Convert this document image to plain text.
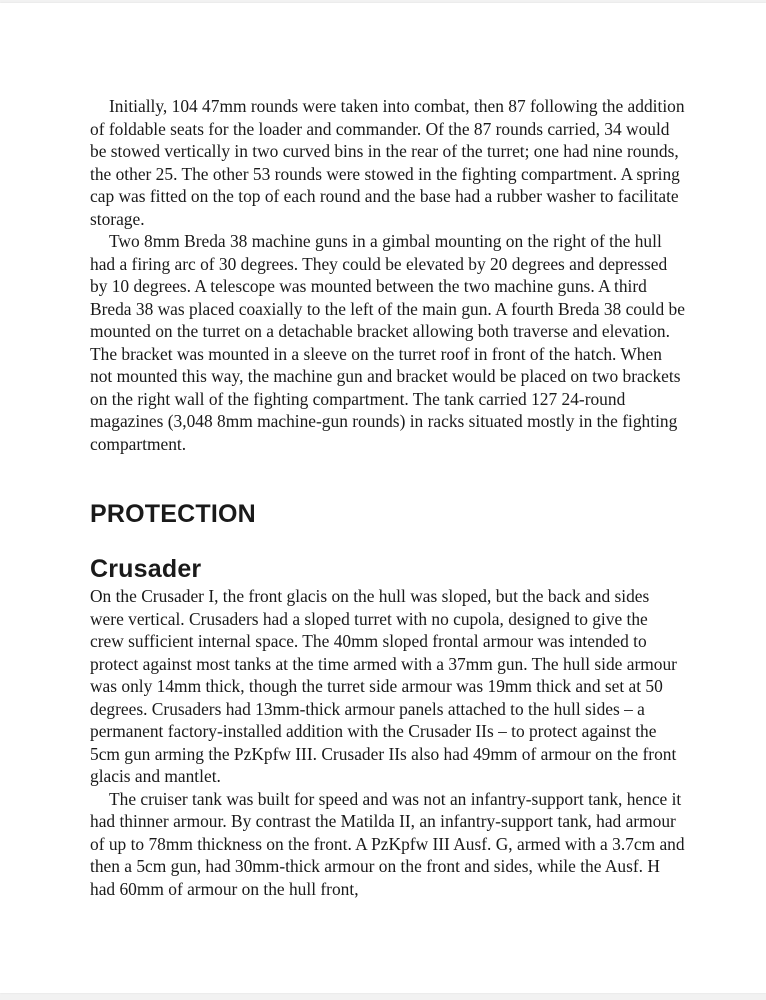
Initially, 104 47mm rounds were taken into combat, then 87 following the addition of foldable seats for the loader and commander. Of the 87 rounds carried, 34 would be stowed vertically in two curved bins in the rear of the turret; one had nine rounds, the other 25. The other 53 rounds were stowed in the fighting compartment. A spring cap was fitted on the top of each round and the base had a rubber washer to facilitate storage.

Two 8mm Breda 38 machine guns in a gimbal mounting on the right of the hull had a firing arc of 30 degrees. They could be elevated by 20 degrees and depressed by 10 degrees. A telescope was mounted between the two machine guns. A third Breda 38 was placed coaxially to the left of the main gun. A fourth Breda 38 could be mounted on the turret on a detachable bracket allowing both traverse and elevation. The bracket was mounted in a sleeve on the turret roof in front of the hatch. When not mounted this way, the machine gun and bracket would be placed on two brackets on the right wall of the fighting compartment. The tank carried 127 24-round magazines (3,048 8mm machine-gun rounds) in racks situated mostly in the fighting compartment.

PROTECTION
Crusader

On the Crusader I, the front glacis on the hull was sloped, but the back and sides were vertical. Crusaders had a sloped turret with no cupola, designed to give the crew sufficient internal space. The 40mm sloped frontal armour was intended to protect against most tanks at the time armed with a 37mm gun. The hull side armour was only 14mm thick, though the turret side armour was 19mm thick and set at 50 degrees. Crusaders had 13mm-thick armour panels attached to the hull sides – a permanent factory-installed addition with the Crusader IIs – to protect against the 5cm gun arming the PzKpfw III. Crusader IIs also had 49mm of armour on the front glacis and mantlet.

The cruiser tank was built for speed and was not an infantry-support tank, hence it had thinner armour. By contrast the Matilda II, an infantry-support tank, had armour of up to 78mm thickness on the front. A PzKpfw III Ausf. G, armed with a 3.7cm and then a 5cm gun, had 30mm-thick armour on the front and sides, while the Ausf. H had 60mm of armour on the hull front,
